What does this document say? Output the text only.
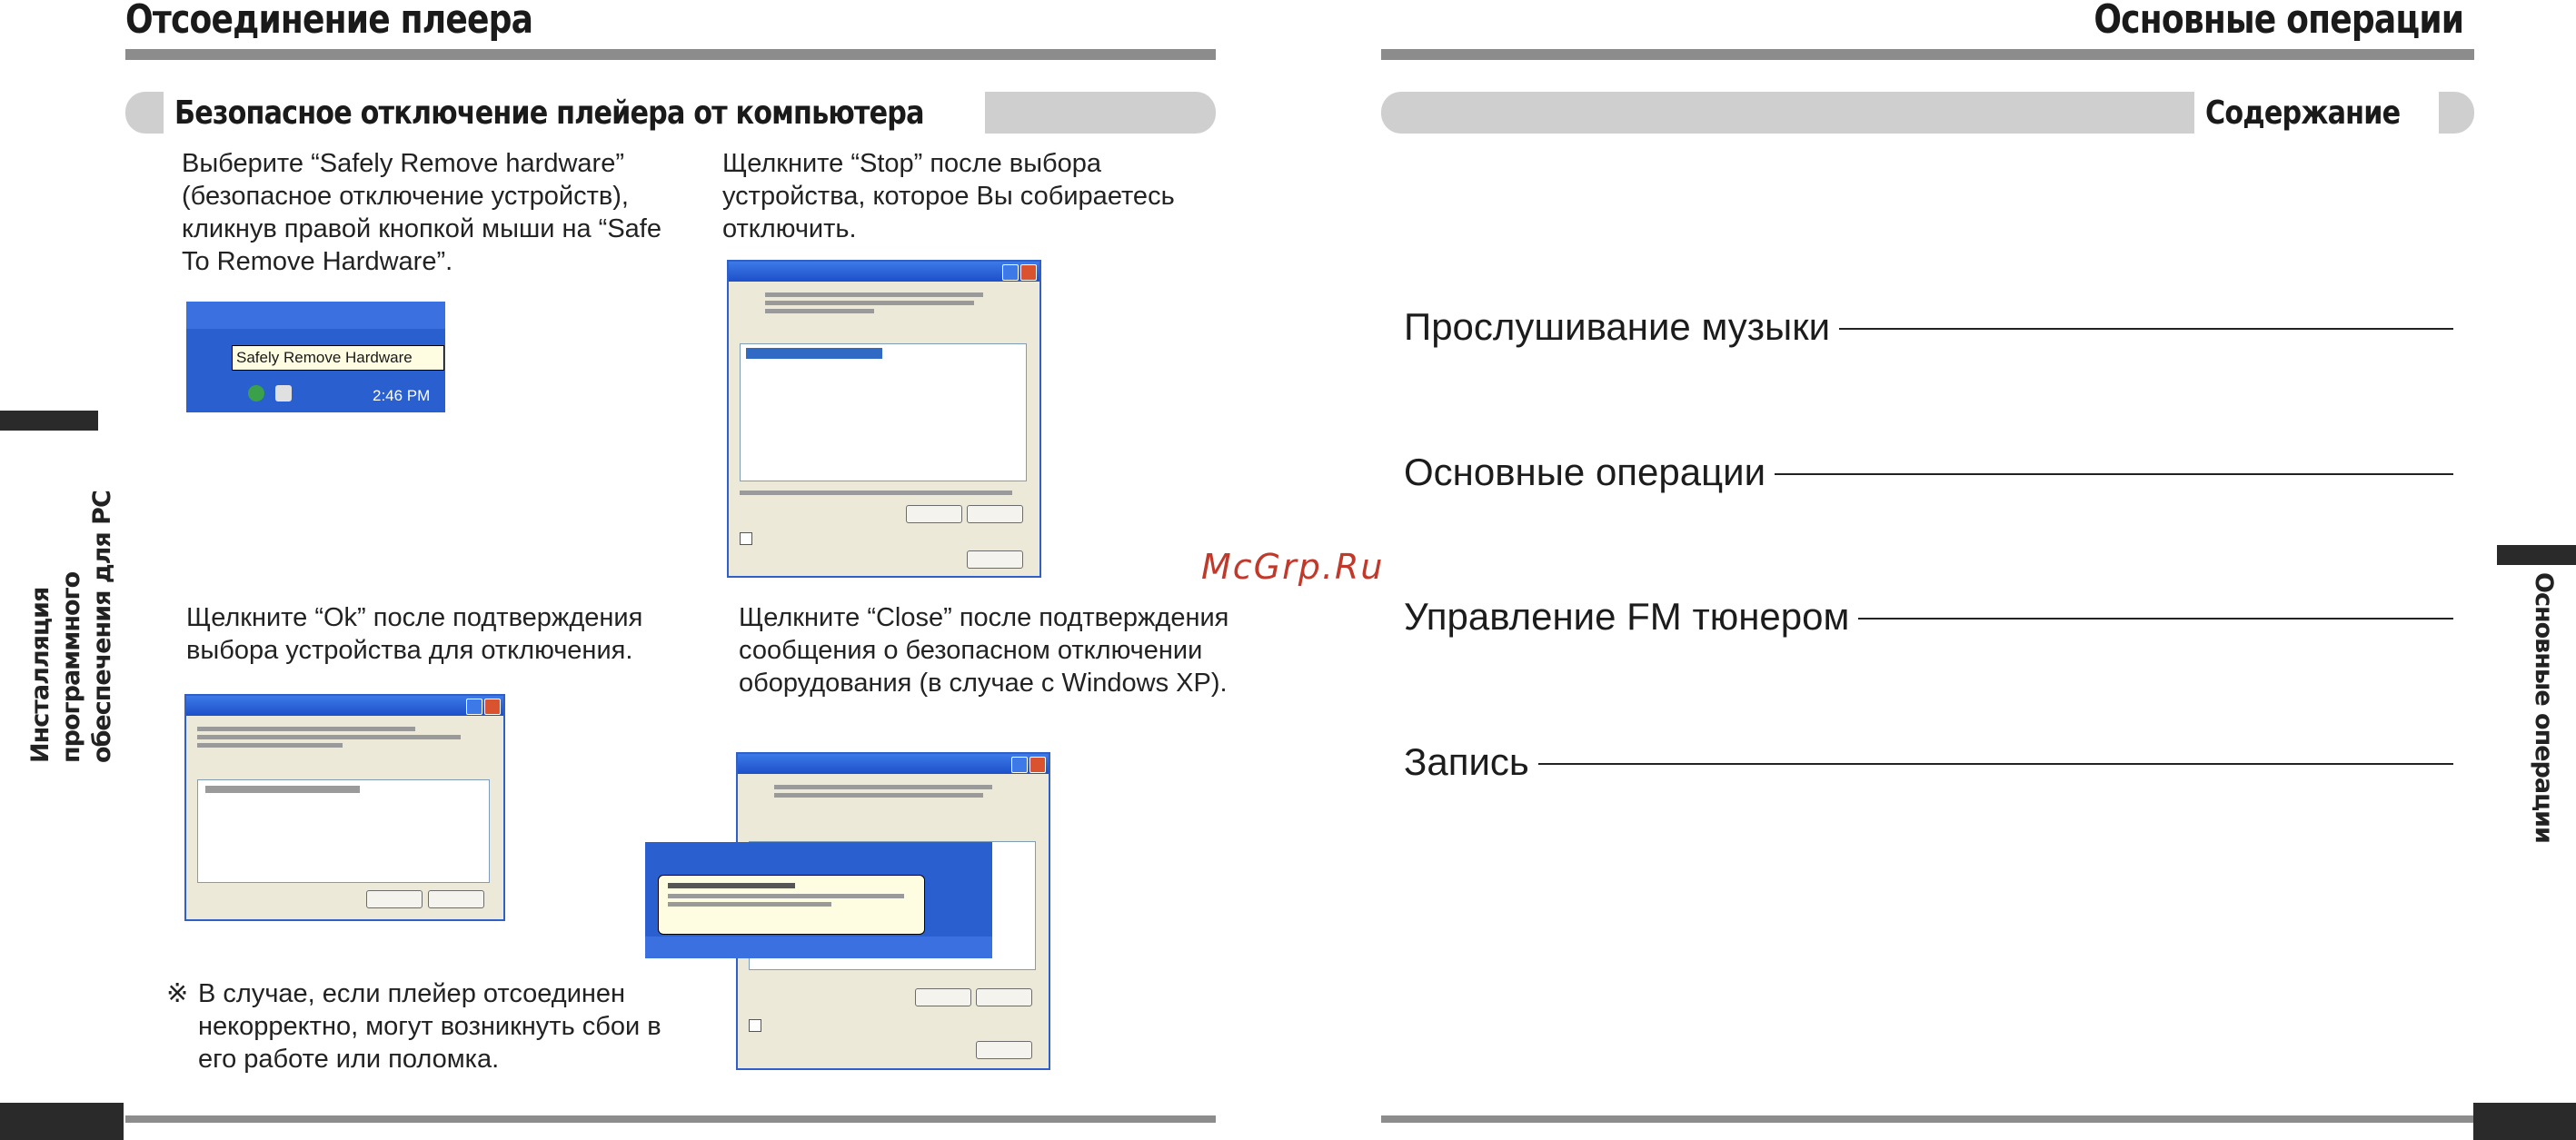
Отсоединение плеера
Безопасное отключение плейера от компьютера
Инсталляция программного обеспечения для PC
Выберите “Safely Remove hardware” (безопасное отключение устройств), кликнув правой кнопкой мыши на “Safe To Remove Hardware”.
Safely Remove Hardware
2:46 PM
Щелкните “Stop” после выбора устройства, которое Вы собираетесь отключить.
Щелкните “Ok” после подтверждения выбора устройства для отключения.
Щелкните “Close” после подтверждения сообщения о безопасном отключении оборудования (в случае с Windows XP).
※ В случае, если плейер отсоединен некорректно, могут возникнуть сбои в его работе или поломка.
McGrp.Ru
Основные операции
Содержание
Прослушивание музыки
Основные операции
Управление FM тюнером
Запись	Основные операции
